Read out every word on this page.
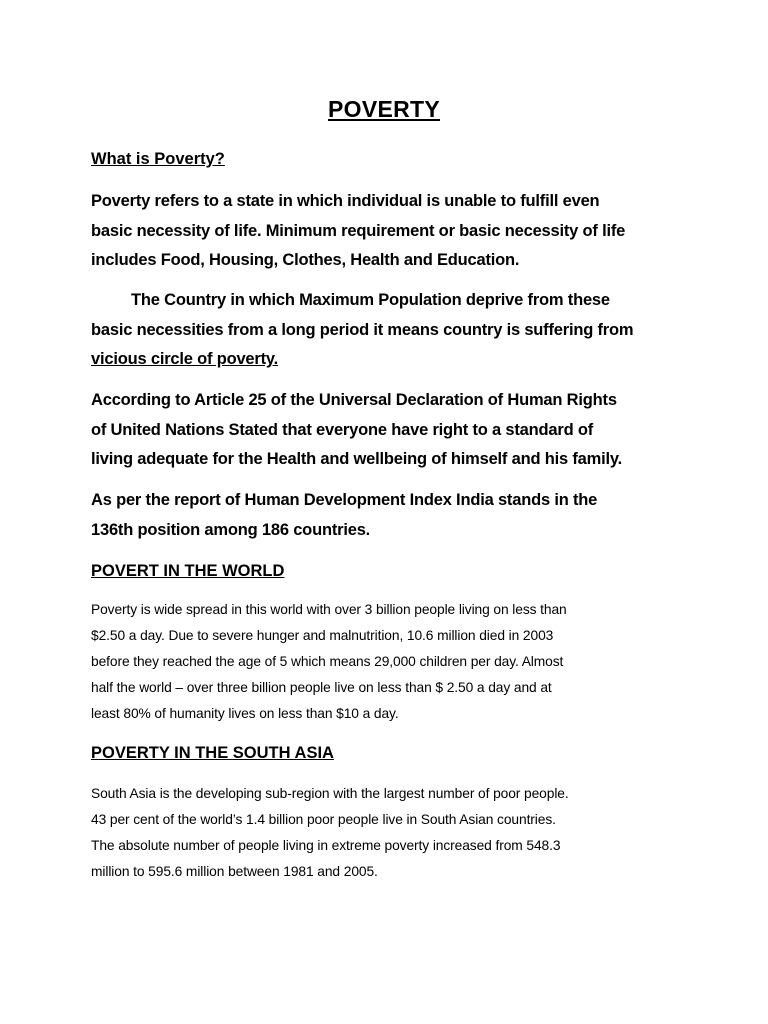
POVERTY
What is Poverty?
Poverty refers to a state in which individual is unable to fulfill even
basic necessity of life. Minimum requirement or basic necessity of life
includes Food, Housing, Clothes, Health and Education.
The Country in which Maximum Population deprive from these
basic necessities from a long period it means country is suffering from
vicious circle of poverty.
According to Article 25 of the Universal Declaration of Human Rights
of United Nations Stated that everyone have right to a standard of
living adequate for the Health and wellbeing of himself and his family.
As per the report of Human Development Index India stands in the
136th position among 186 countries.
POVERT IN THE WORLD
Poverty is wide spread in this world with over 3 billion people living on less than
$2.50 a day. Due to severe hunger and malnutrition, 10.6 million died in 2003
before they reached the age of 5 which means 29,000 children per day. Almost
half the world – over three billion people live on less than $ 2.50 a day and at
least 80% of humanity lives on less than $10 a day.
POVERTY IN THE SOUTH ASIA
South Asia is the developing sub-region with the largest number of poor people.
43 per cent of the world’s 1.4 billion poor people live in South Asian countries.
The absolute number of people living in extreme poverty increased from 548.3
million to 595.6 million between 1981 and 2005.
